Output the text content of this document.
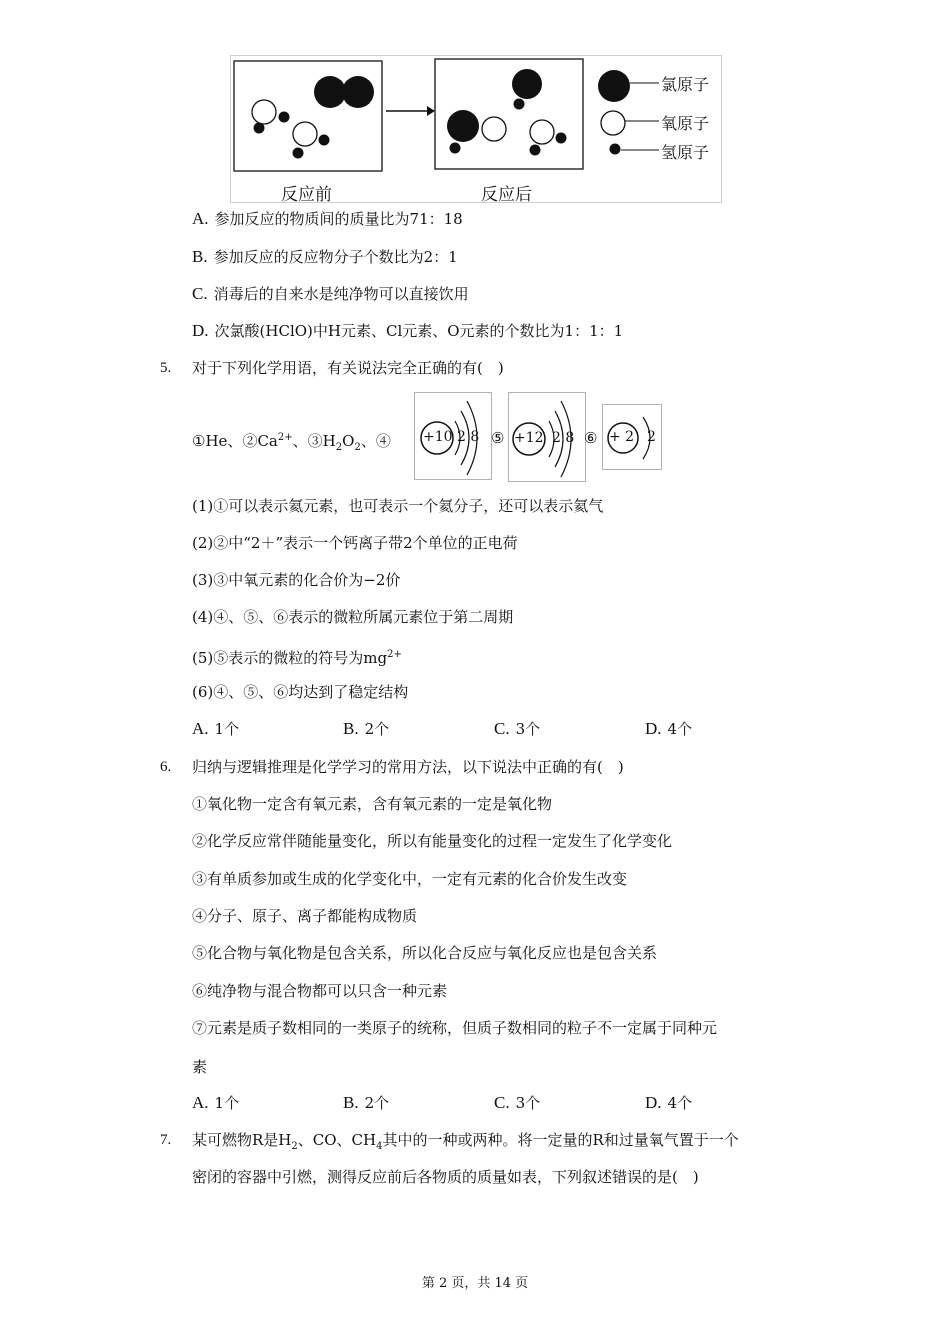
氯原子
氧原子
氢原子
反应前	反应后
A. 参加反应的物质间的质量比为71：18
B. 参加反应的反应物分子个数比为2：1
C. 消毒后的自来水是纯净物可以直接饮用
D. 次氯酸(HClO)中H元素、Cl元素、O元素的个数比为1：1：1
5. 对于下列化学用语，有关说法完全正确的有(　)
①He、$②Ca^{2+}$、$③H_2O_2$、④ +10 2 8 ⑤ +12 2 8 ⑥ + 2 2
(1)①可以表示氦元素，也可表示一个氦分子，还可以表示氦气
(2)②中“2＋”表示一个钙离子带2个单位的正电荷
(3)③中氧元素的化合价为−2价
(4)④、⑤、⑥表示的微粒所属元素位于第二周期
(5)⑤表示的微粒的符号为$mg^{2+}$
(6)④、⑤、⑥均达到了稳定结构
A. 1个	B. 2个	C. 3个	D. 4个
6. 归纳与逻辑推理是化学学习的常用方法，以下说法中正确的有(　)
①氧化物一定含有氧元素，含有氧元素的一定是氧化物
②化学反应常伴随能量变化，所以有能量变化的过程一定发生了化学变化
③有单质参加或生成的化学变化中，一定有元素的化合价发生改变
④分子、原子、离子都能构成物质
⑤化合物与氧化物是包含关系，所以化合反应与氧化反应也是包含关系
⑥纯净物与混合物都可以只含一种元素
⑦元素是质子数相同的一类原子的统称，但质子数相同的粒子不一定属于同种元
素
A. 1个	B. 2个	C. 3个	D. 4个
7. 某可燃物R是$H_2$、CO、$CH_4$其中的一种或两种。将一定量的R和过量氧气置于一个
密闭的容器中引燃，测得反应前后各物质的质量如表，下列叙述错误的是(　)
第 2 页，共 14 页
